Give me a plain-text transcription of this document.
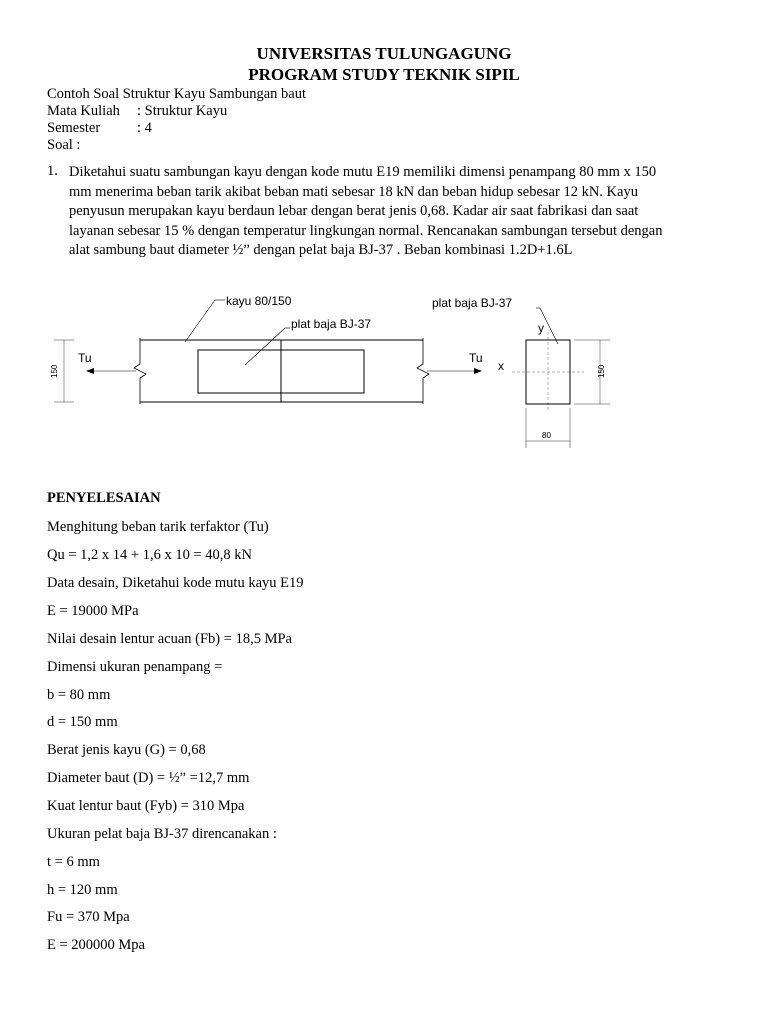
UNIVERSITAS TULUNGAGUNG
PROGRAM STUDY TEKNIK SIPIL
Contoh Soal Struktur Kayu Sambungan baut
Mata Kuliah : Struktur Kayu
Semester	: 4
Soal :
1. Diketahui suatu sambungan kayu dengan kode mutu E19 memiliki dimensi penampang 80 mm x 150
mm menerima beban tarik akibat beban mati sebesar 18 kN dan beban hidup sebesar 12 kN. Kayu
penyusun merupakan kayu berdaun lebar dengan berat jenis 0,68. Kadar air saat fabrikasi dan saat
layanan sebesar 15 % dengan temperatur lingkungan normal. Rencanakan sambungan tersebut dengan
alat sambung baut diameter ½” dengan pelat baja BJ-37 . Beban kombinasi 1.2D+1.6L
kayu 80/150
plat baja BJ-37
Tu	Tu
150
y
x
plat baja BJ-37
150
80
PENYELESAIAN
Menghitung beban tarik terfaktor (Tu)
Qu = 1,2 x 14 + 1,6 x 10 = 40,8 kN
Data desain, Diketahui kode mutu kayu E19
E = 19000 MPa
Nilai desain lentur acuan (Fb) = 18,5 MPa
Dimensi ukuran penampang =
b = 80 mm
d = 150 mm
Berat jenis kayu (G) = 0,68
Diameter baut (D) = ½” =12,7 mm
Kuat lentur baut (Fyb) = 310 Mpa
Ukuran pelat baja BJ-37 direncanakan :
t = 6 mm
h = 120 mm
Fu = 370 Mpa
E = 200000 Mpa
